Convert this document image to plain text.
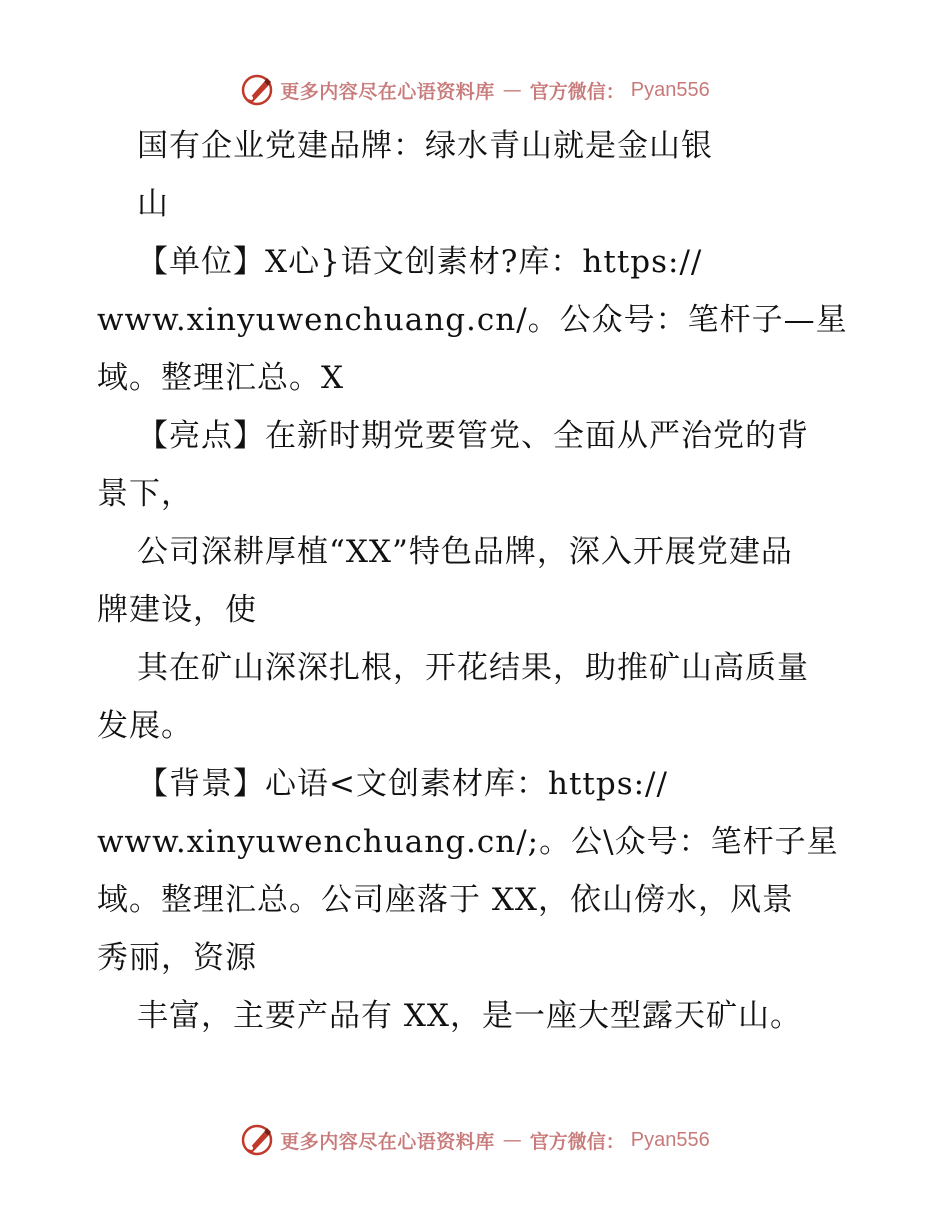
更多内容尽在心语资料库 — 官方微信： Pyan556
国有企业党建品牌：绿水青山就是金山银
山
【单位】X心}语文创素材?库：https://
www.xinyuwenchuang.cn/。公众号：笔杆子—星
域。整理汇总。X
【亮点】在新时期党要管党、全面从严治党的背
景下，
公司深耕厚植“XX”特色品牌，深入开展党建品
牌建设，使
其在矿山深深扎根，开花结果，助推矿山高质量
发展。
【背景】心语<文创素材库：https://
www.xinyuwenchuang.cn/;。公\众号：笔杆子星
域。整理汇总。公司座落于 XX，依山傍水，风景
秀丽，资源
丰富，主要产品有 XX，是一座大型露天矿山。
更多内容尽在心语资料库 — 官方微信： Pyan556
